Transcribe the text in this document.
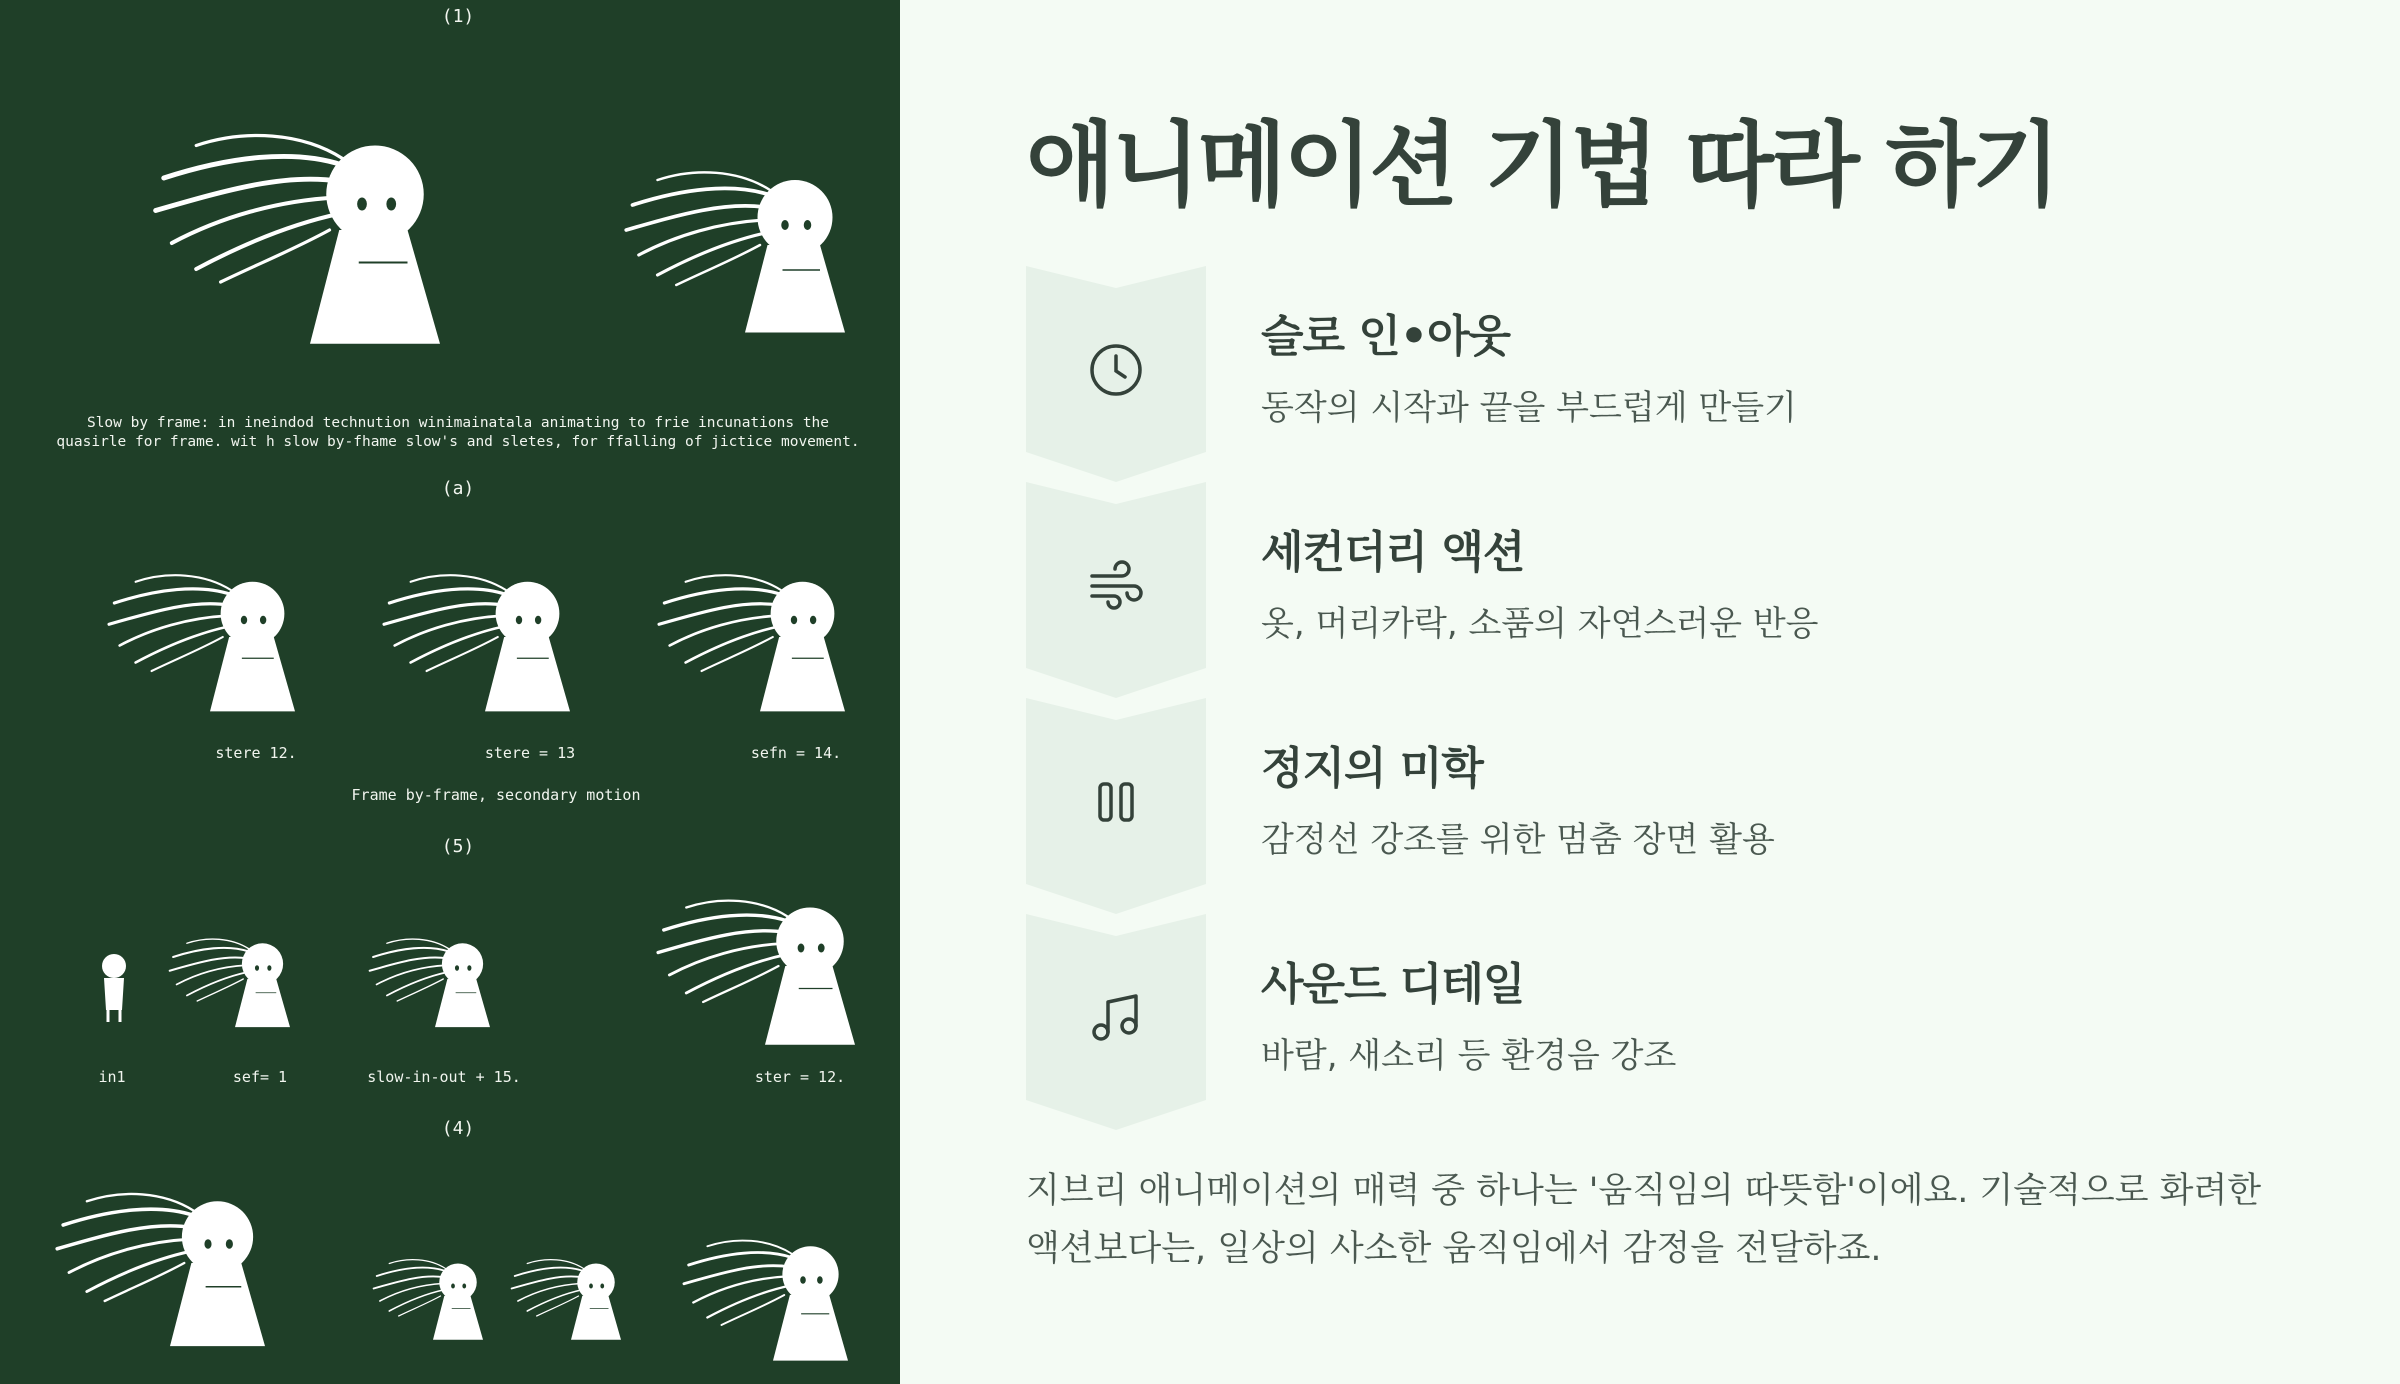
(1)
Slow by frame: in ineindod technution winimainatala animating to frie incunations the
quasirle for frame. wit h slow by-fhame slow's and sletes, for ffalling of jictice movement.
(a)
stere 12.	stere = 13	sefn = 14.
Frame by-frame, secondary motion
(5)
in1	sef= 1	slow-in-out + 15.	ster = 12.
(4)
애니메이션 기법 따라 하기
슬로 인•아웃

동작의 시작과 끝을 부드럽게 만들기

세컨더리 액션

옷, 머리카락, 소품의 자연스러운 반응

정지의 미학

감정선 강조를 위한 멈춤 장면 활용

사운드 디테일

바람, 새소리 등 환경음 강조

지브리 애니메이션의 매력 중 하나는 '움직임의 따뜻함'이에요. 기술적으로 화려한 액션보다는, 일상의 사소한 움직임에서 감정을 전달하죠.
